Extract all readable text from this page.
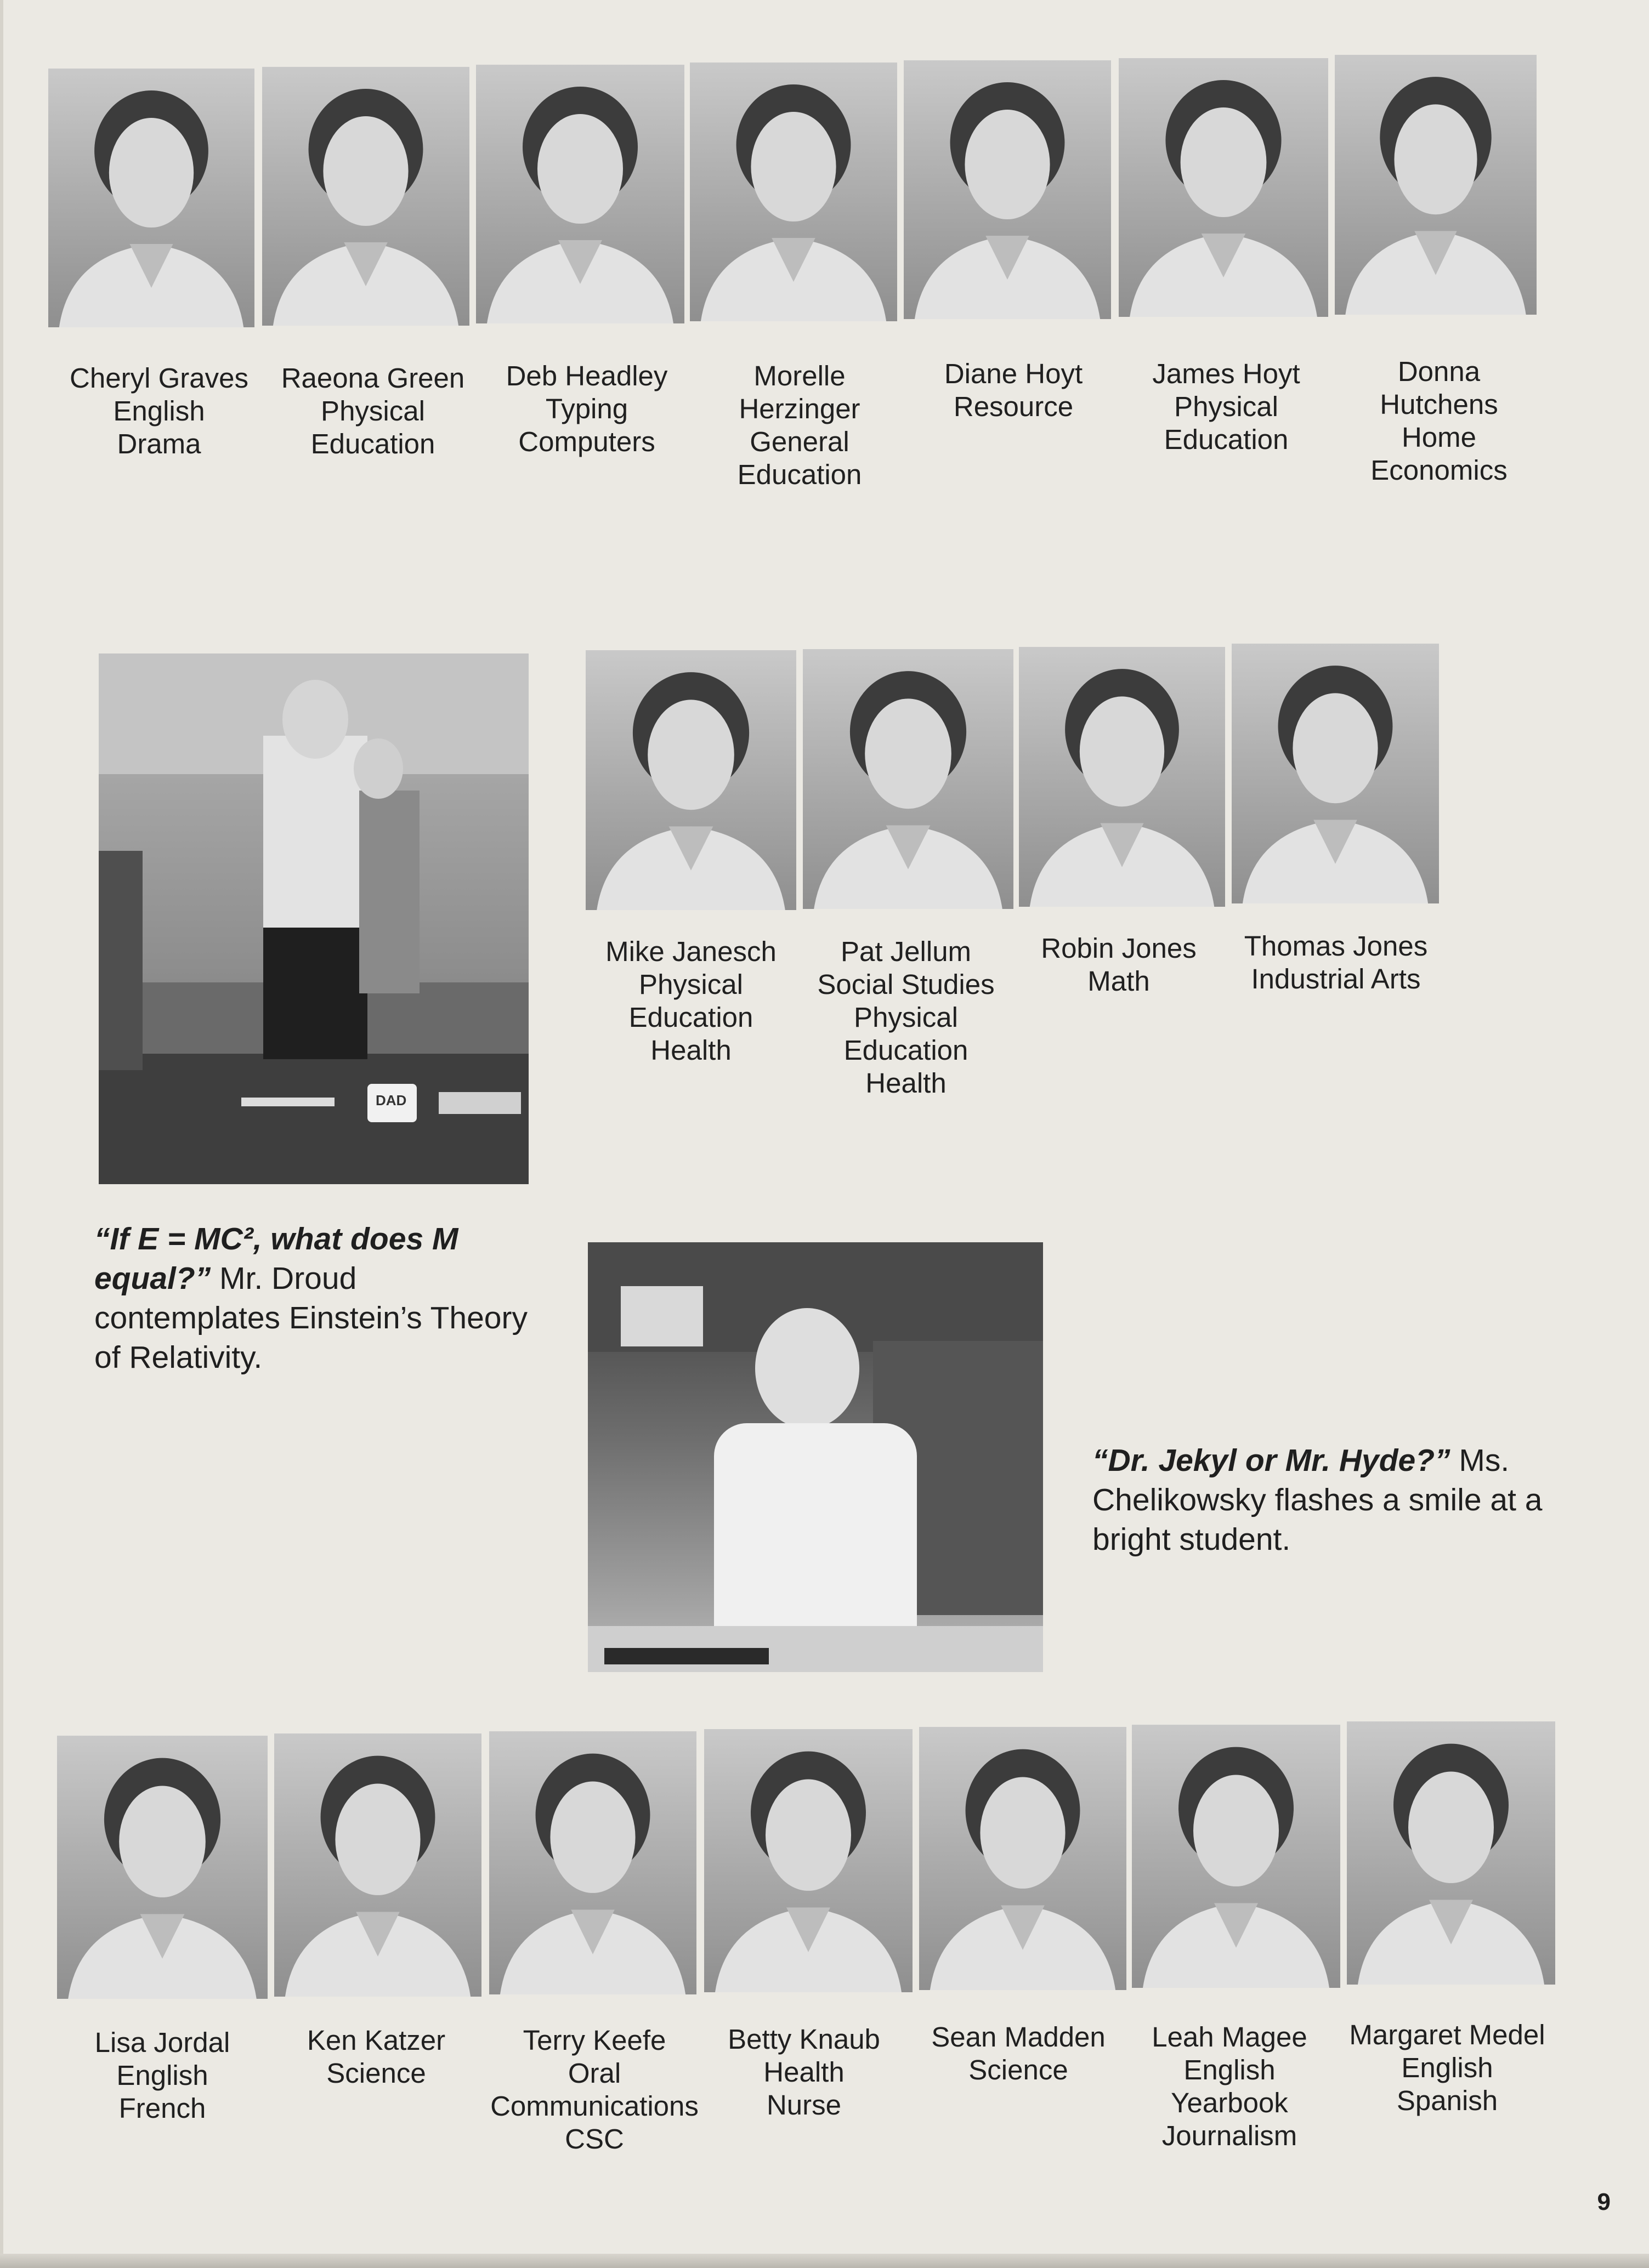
Cheryl Graves
English
Drama
Raeona Green
Physical
Education
Deb Headley
Typing
Computers
Morelle
Herzinger
General
Education
Diane Hoyt
Resource
James Hoyt
Physical
Education
Donna
Hutchens
Home
Economics
DAD
Mike Janesch
Physical
Education
Health
Pat Jellum
Social Studies
Physical
Education
Health
Robin Jones
Math
Thomas Jones
Industrial Arts
“If E = MC², what does M equal?” Mr. Droud contemplates Einstein’s Theory of Relativity.
“Dr. Jekyl or Mr. Hyde?” Ms. Chelikowsky flashes a smile at a bright student.
Lisa Jordal
English
French
Ken Katzer
Science
Terry Keefe
Oral
Communications
CSC
Betty Knaub
Health
Nurse
Sean Madden
Science
Leah Magee
English
Yearbook
Journalism
Margaret Medel
English
Spanish
9
